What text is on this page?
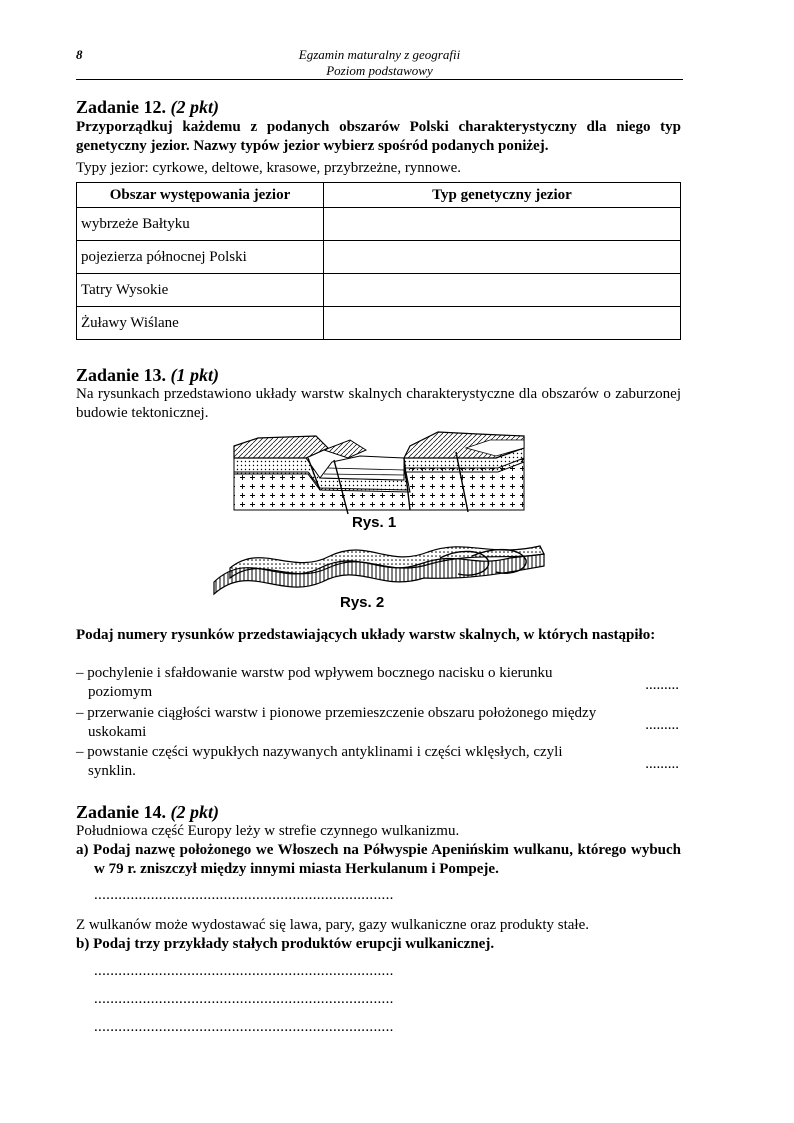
8	Egzamin maturalny z geografii
Poziom podstawowy
Zadanie 12. (2 pkt)
Przyporządkuj każdemu z podanych obszarów Polski charakterystyczny dla niego typ genetyczny jezior. Nazwy typów jezior wybierz spośród podanych poniżej.
Typy jezior: cyrkowe, deltowe, krasowe, przybrzeżne, rynnowe.
Obszar występowania jezior	Typ genetyczny jezior
wybrzeże Bałtyku	
pojezierza północnej Polski	
Tatry Wysokie	
Żuławy Wiślane	
Zadanie 13. (1 pkt)
Na rysunkach przedstawiono układy warstw skalnych charakterystyczne dla obszarów o zaburzonej budowie tektonicznej.
Rys. 1
Rys. 2
Podaj numery rysunków przedstawiających układy warstw skalnych, w których nastąpiło:
– pochylenie i sfałdowanie warstw pod wpływem bocznego nacisku o kierunku poziomym	.........
– przerwanie ciągłości warstw i pionowe przemieszczenie obszaru położonego między uskokami	.........
– powstanie części wypukłych nazywanych antyklinami i części wklęsłych, czyli synklin.	.........
Zadanie 14. (2 pkt)
Południowa część Europy leży w strefie czynnego wulkanizmu.
a) Podaj nazwę położonego we Włoszech na Półwyspie Apenińskim wulkanu, którego wybuch w 79 r. zniszczył między innymi miasta Herkulanum i Pompeje.
..........................................................................
Z wulkanów może wydostawać się lawa, pary, gazy wulkaniczne oraz produkty stałe.
b) Podaj trzy przykłady stałych produktów erupcji wulkanicznej.
..........................................................................
..........................................................................
..........................................................................
